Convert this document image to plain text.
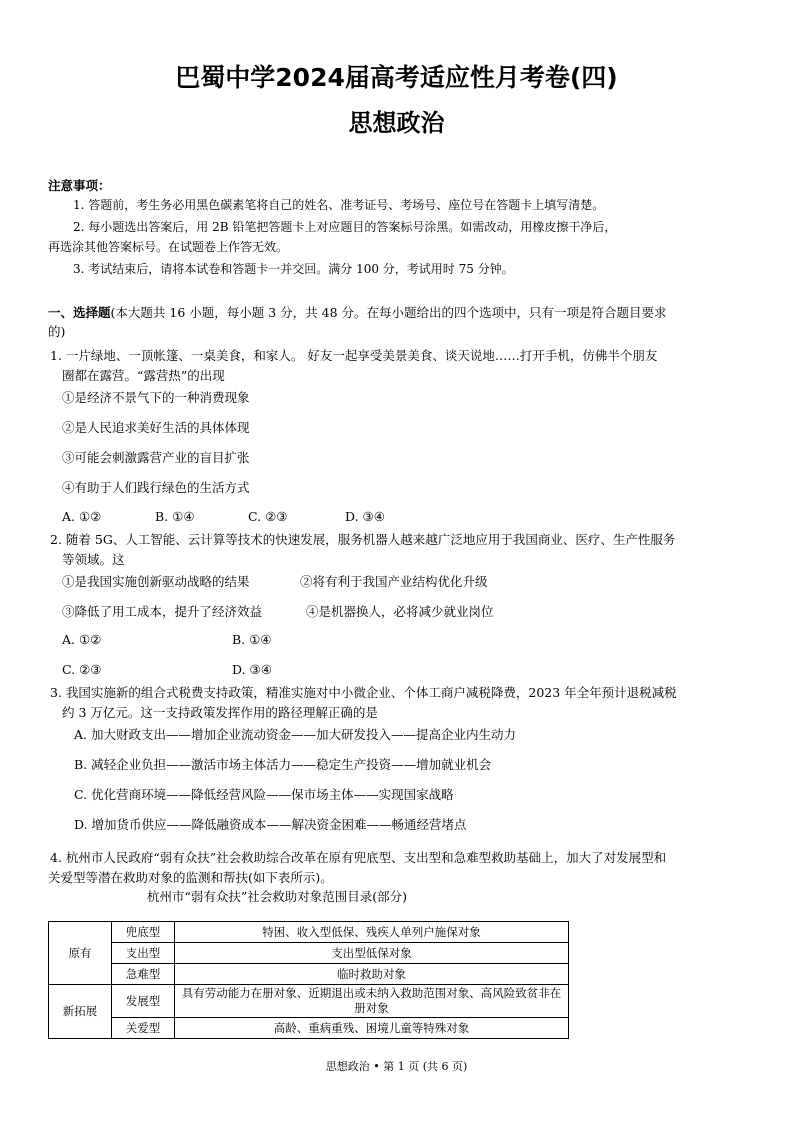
巴蜀中学2024届高考适应性月考卷(四)
思想政治
注意事项：
1. 答题前，考生务必用黑色碳素笔将自己的姓名、准考证号、考场号、座位号在答题卡上填写清楚。
2. 每小题选出答案后，用 2B 铅笔把答题卡上对应题目的答案标号涂黑。如需改动，用橡皮擦干净后，
再选涂其他答案标号。在试题卷上作答无效。
3. 考试结束后，请将本试卷和答题卡一并交回。满分 100 分，考试用时 75 分钟。
一、选择题(本大题共 16 小题，每小题 3 分，共 48 分。在每小题给出的四个选项中，只有一项是符合题目要求
的)
1. 一片绿地、一顶帐篷、一桌美食，和家人。 好友一起享受美景美食、谈天说地……打开手机，仿佛半个朋友
圈都在露营。“露营热”的出现
①是经济不景气下的一种消费现象
②是人民追求美好生活的具体体现
③可能会刺激露营产业的盲目扩张
④有助于人们践行绿色的生活方式
A. ①②	B. ①④	C. ②③	D. ③④
2. 随着 5G、人工智能、云计算等技术的快速发展，服务机器人越来越广泛地应用于我国商业、医疗、生产性服务
等领域。这
①是我国实施创新驱动战略的结果	②将有利于我国产业结构优化升级
③降低了用工成本，提升了经济效益	④是机器换人，必将减少就业岗位
A. ①②	B. ①④
C. ②③	D. ③④
3. 我国实施新的组合式税费支持政策，精准实施对中小微企业、个体工商户减税降费，2023 年全年预计退税减税
约 3 万亿元。这一支持政策发挥作用的路径理解正确的是
A. 加大财政支出——增加企业流动资金——加大研发投入——提高企业内生动力
B. 减轻企业负担——激活市场主体活力——稳定生产投资——增加就业机会
C. 优化营商环境——降低经营风险——保市场主体——实现国家战略
D. 增加货币供应——降低融资成本——解决资金困难——畅通经营堵点
4. 杭州市人民政府“弱有众扶”社会救助综合改革在原有兜底型、支出型和急难型救助基础上，加大了对发展型和
关爱型等潜在救助对象的监测和帮扶(如下表所示)。
杭州市“弱有众扶”社会救助对象范围目录(部分)
原有	兜底型	特困、收入型低保、残疾人单列户施保对象
	支出型	支出型低保对象
	急难型	临时救助对象
新拓展	发展型	具有劳动能力在册对象、近期退出或未纳入救助范围对象、高风险致贫非在册对象
	关爱型	高龄、重病重残、困境儿童等特殊对象
思想政治 • 第 1 页 (共 6 页)
